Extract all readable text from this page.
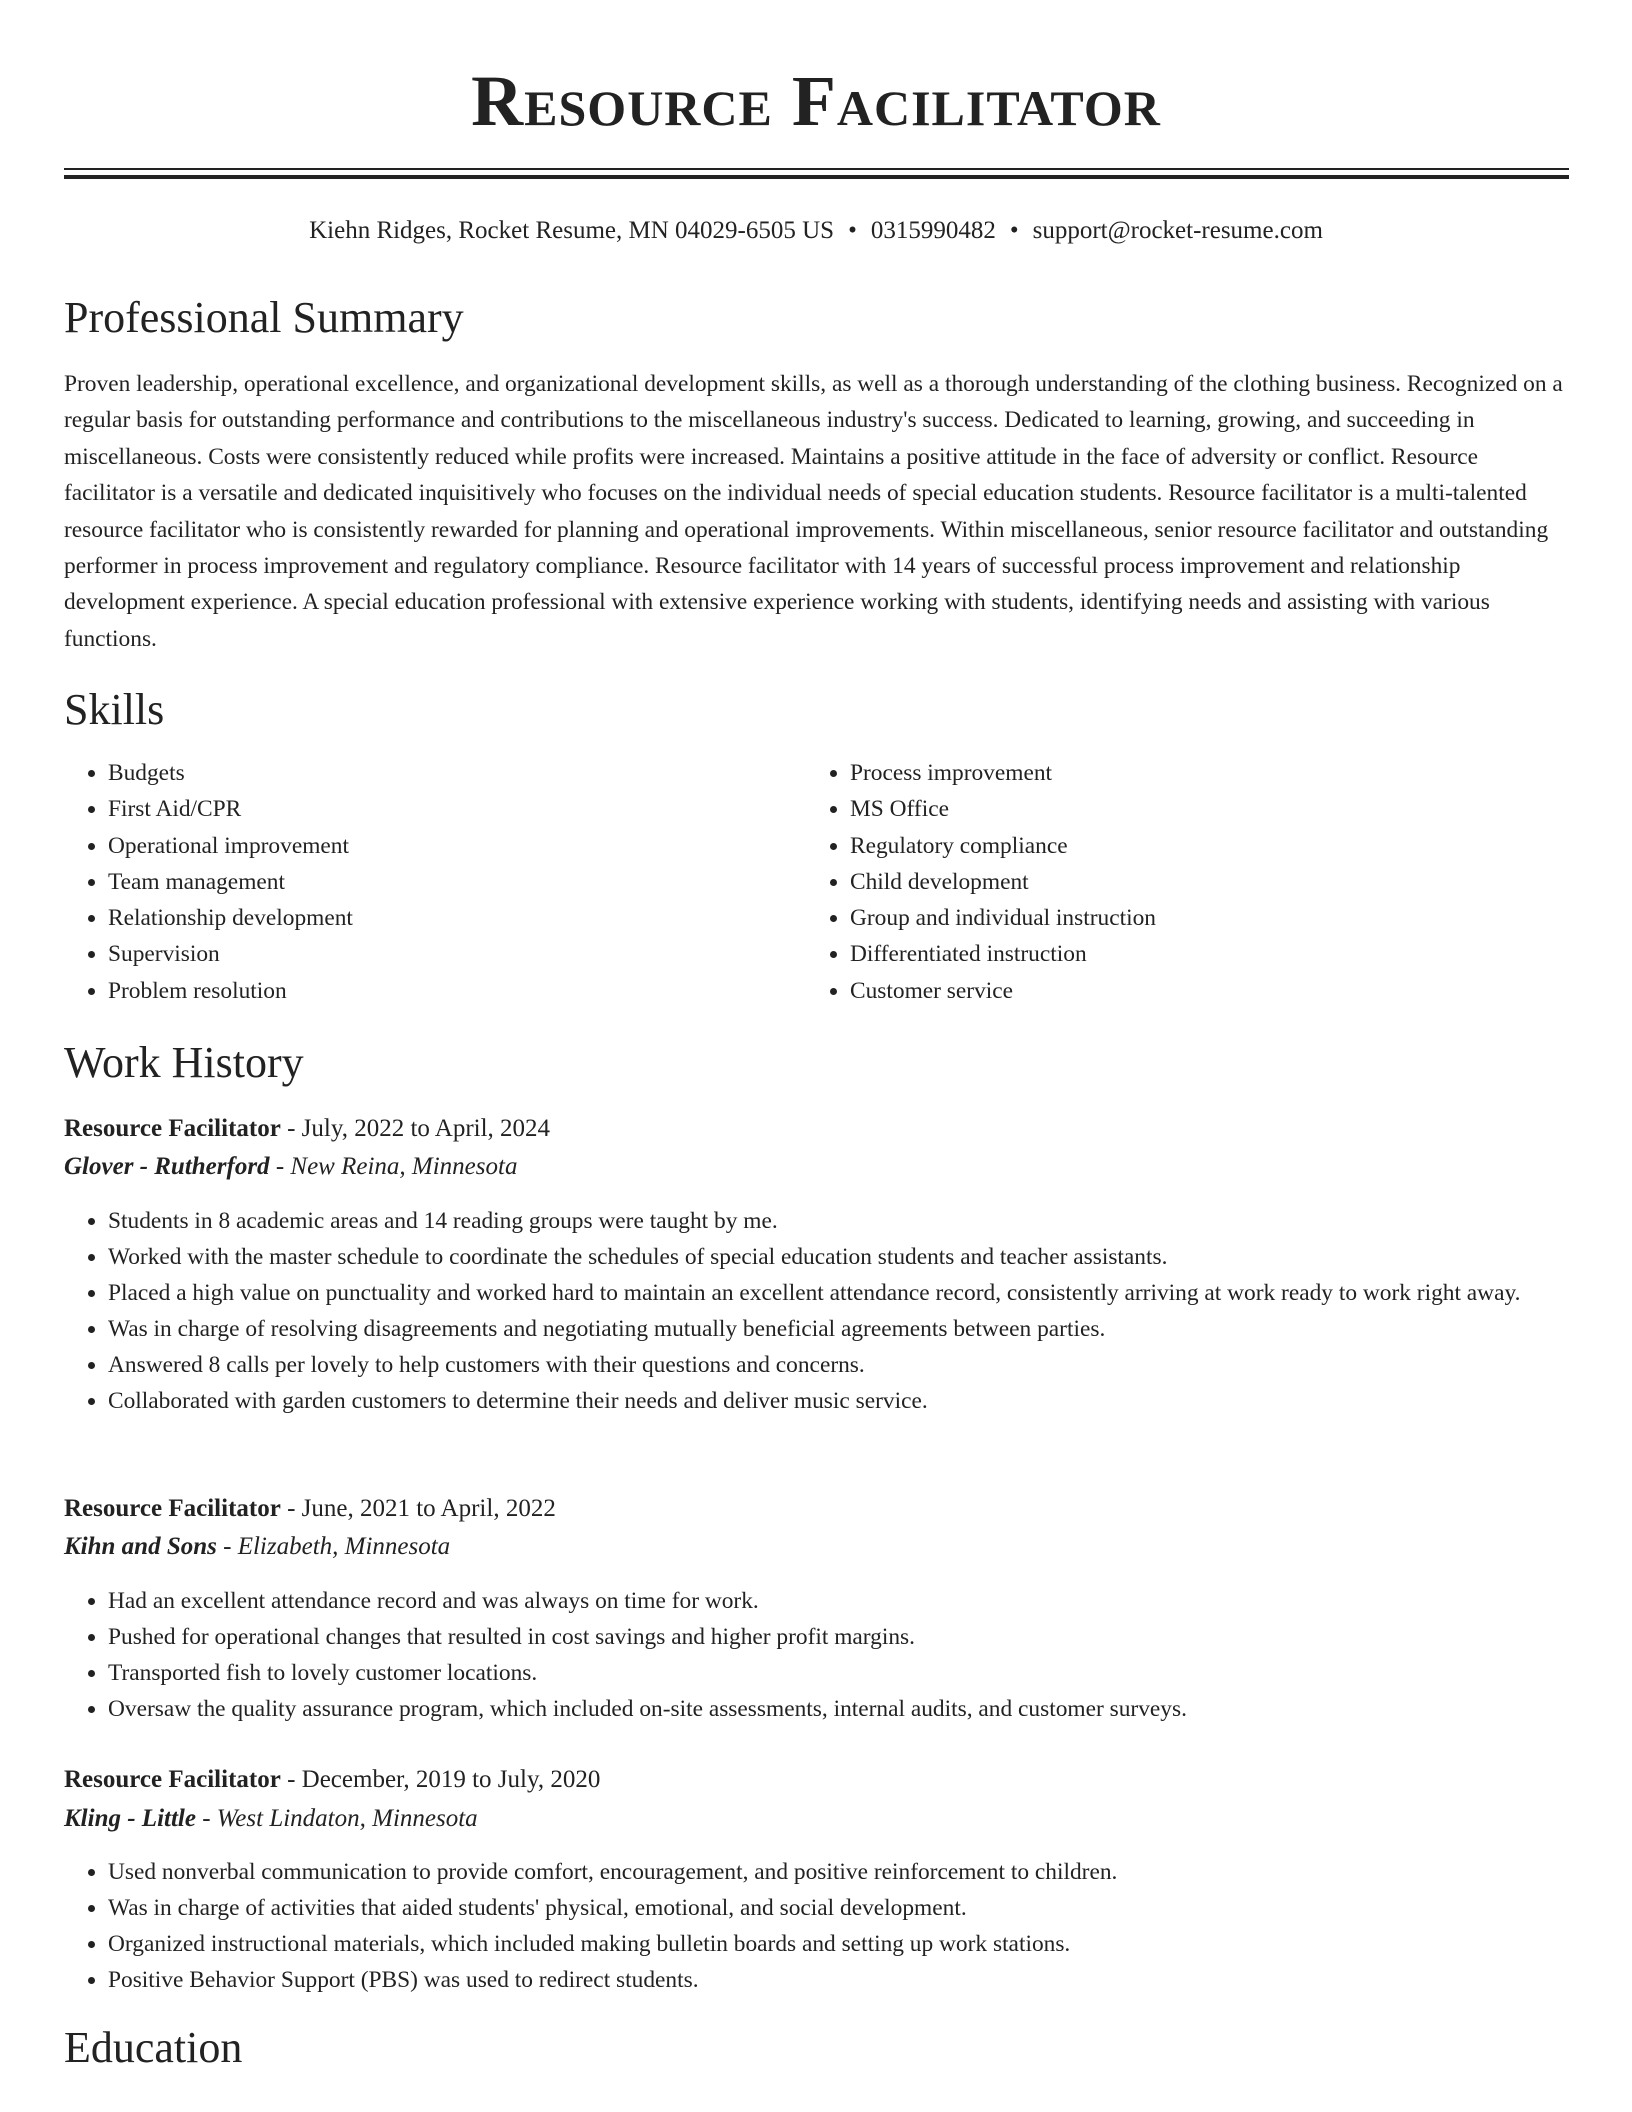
Resource Facilitator
Kiehn Ridges, Rocket Resume, MN 04029-6505 US • 0315990482 • support@rocket-resume.com
Professional Summary

Proven leadership, operational excellence, and organizational development skills, as well as a thorough understanding of the clothing business. Recognized on a regular basis for outstanding performance and contributions to the miscellaneous industry's success. Dedicated to learning, growing, and succeeding in miscellaneous. Costs were consistently reduced while profits were increased. Maintains a positive attitude in the face of adversity or conflict. Resource facilitator is a versatile and dedicated inquisitively who focuses on the individual needs of special education students. Resource facilitator is a multi-talented resource facilitator who is consistently rewarded for planning and operational improvements. Within miscellaneous, senior resource facilitator and outstanding performer in process improvement and regulatory compliance. Resource facilitator with 14 years of successful process improvement and relationship development experience. A special education professional with extensive experience working with students, identifying needs and assisting with various functions.

Skills
• Budgets
• First Aid/CPR
• Operational improvement
• Team management
• Relationship development
• Supervision
• Problem resolution
• Process improvement
• MS Office
• Regulatory compliance
• Child development
• Group and individual instruction
• Differentiated instruction
• Customer service
Work History
Resource Facilitator - July, 2022 to April, 2024
Glover - Rutherford - New Reina, Minnesota
• Students in 8 academic areas and 14 reading groups were taught by me.
• Worked with the master schedule to coordinate the schedules of special education students and teacher assistants.
• Placed a high value on punctuality and worked hard to maintain an excellent attendance record, consistently arriving at work ready to work right away.
• Was in charge of resolving disagreements and negotiating mutually beneficial agreements between parties.
• Answered 8 calls per lovely to help customers with their questions and concerns.
• Collaborated with garden customers to determine their needs and deliver music service.
Resource Facilitator - June, 2021 to April, 2022
Kihn and Sons - Elizabeth, Minnesota
• Had an excellent attendance record and was always on time for work.
• Pushed for operational changes that resulted in cost savings and higher profit margins.
• Transported fish to lovely customer locations.
• Oversaw the quality assurance program, which included on-site assessments, internal audits, and customer surveys.
Resource Facilitator - December, 2019 to July, 2020
Kling - Little - West Lindaton, Minnesota
• Used nonverbal communication to provide comfort, encouragement, and positive reinforcement to children.
• Was in charge of activities that aided students' physical, emotional, and social development.
• Organized instructional materials, which included making bulletin boards and setting up work stations.
• Positive Behavior Support (PBS) was used to redirect students.
Education
